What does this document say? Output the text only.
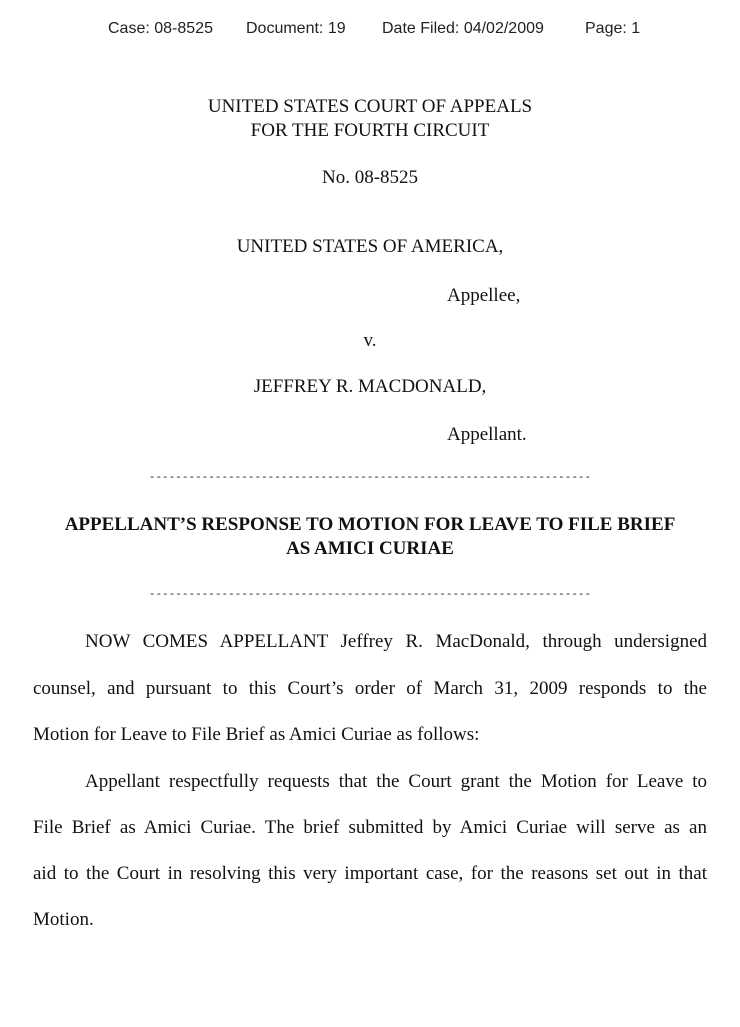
Case: 08-8525 Document: 19 Date Filed: 04/02/2009	Page: 1
UNITED STATES COURT OF APPEALS
FOR THE FOURTH CIRCUIT
No. 08-8525
UNITED STATES OF AMERICA,
Appellee,
v.
JEFFREY R. MACDONALD,
Appellant.
-------------------------------------------------------------------
APPELLANT’S RESPONSE TO MOTION FOR LEAVE TO FILE BRIEF
AS AMICI CURIAE
-------------------------------------------------------------------
NOW COMES APPELLANT Jeffrey R. MacDonald, through undersigned
counsel, and pursuant to this Court’s order of March 31, 2009 responds to the
Motion for Leave to File Brief as Amici Curiae as follows:
Appellant respectfully requests that the Court grant the Motion for Leave to
File Brief as Amici Curiae. The brief submitted by Amici Curiae will serve as an
aid to the Court in resolving this very important case, for the reasons set out in that
Motion.
